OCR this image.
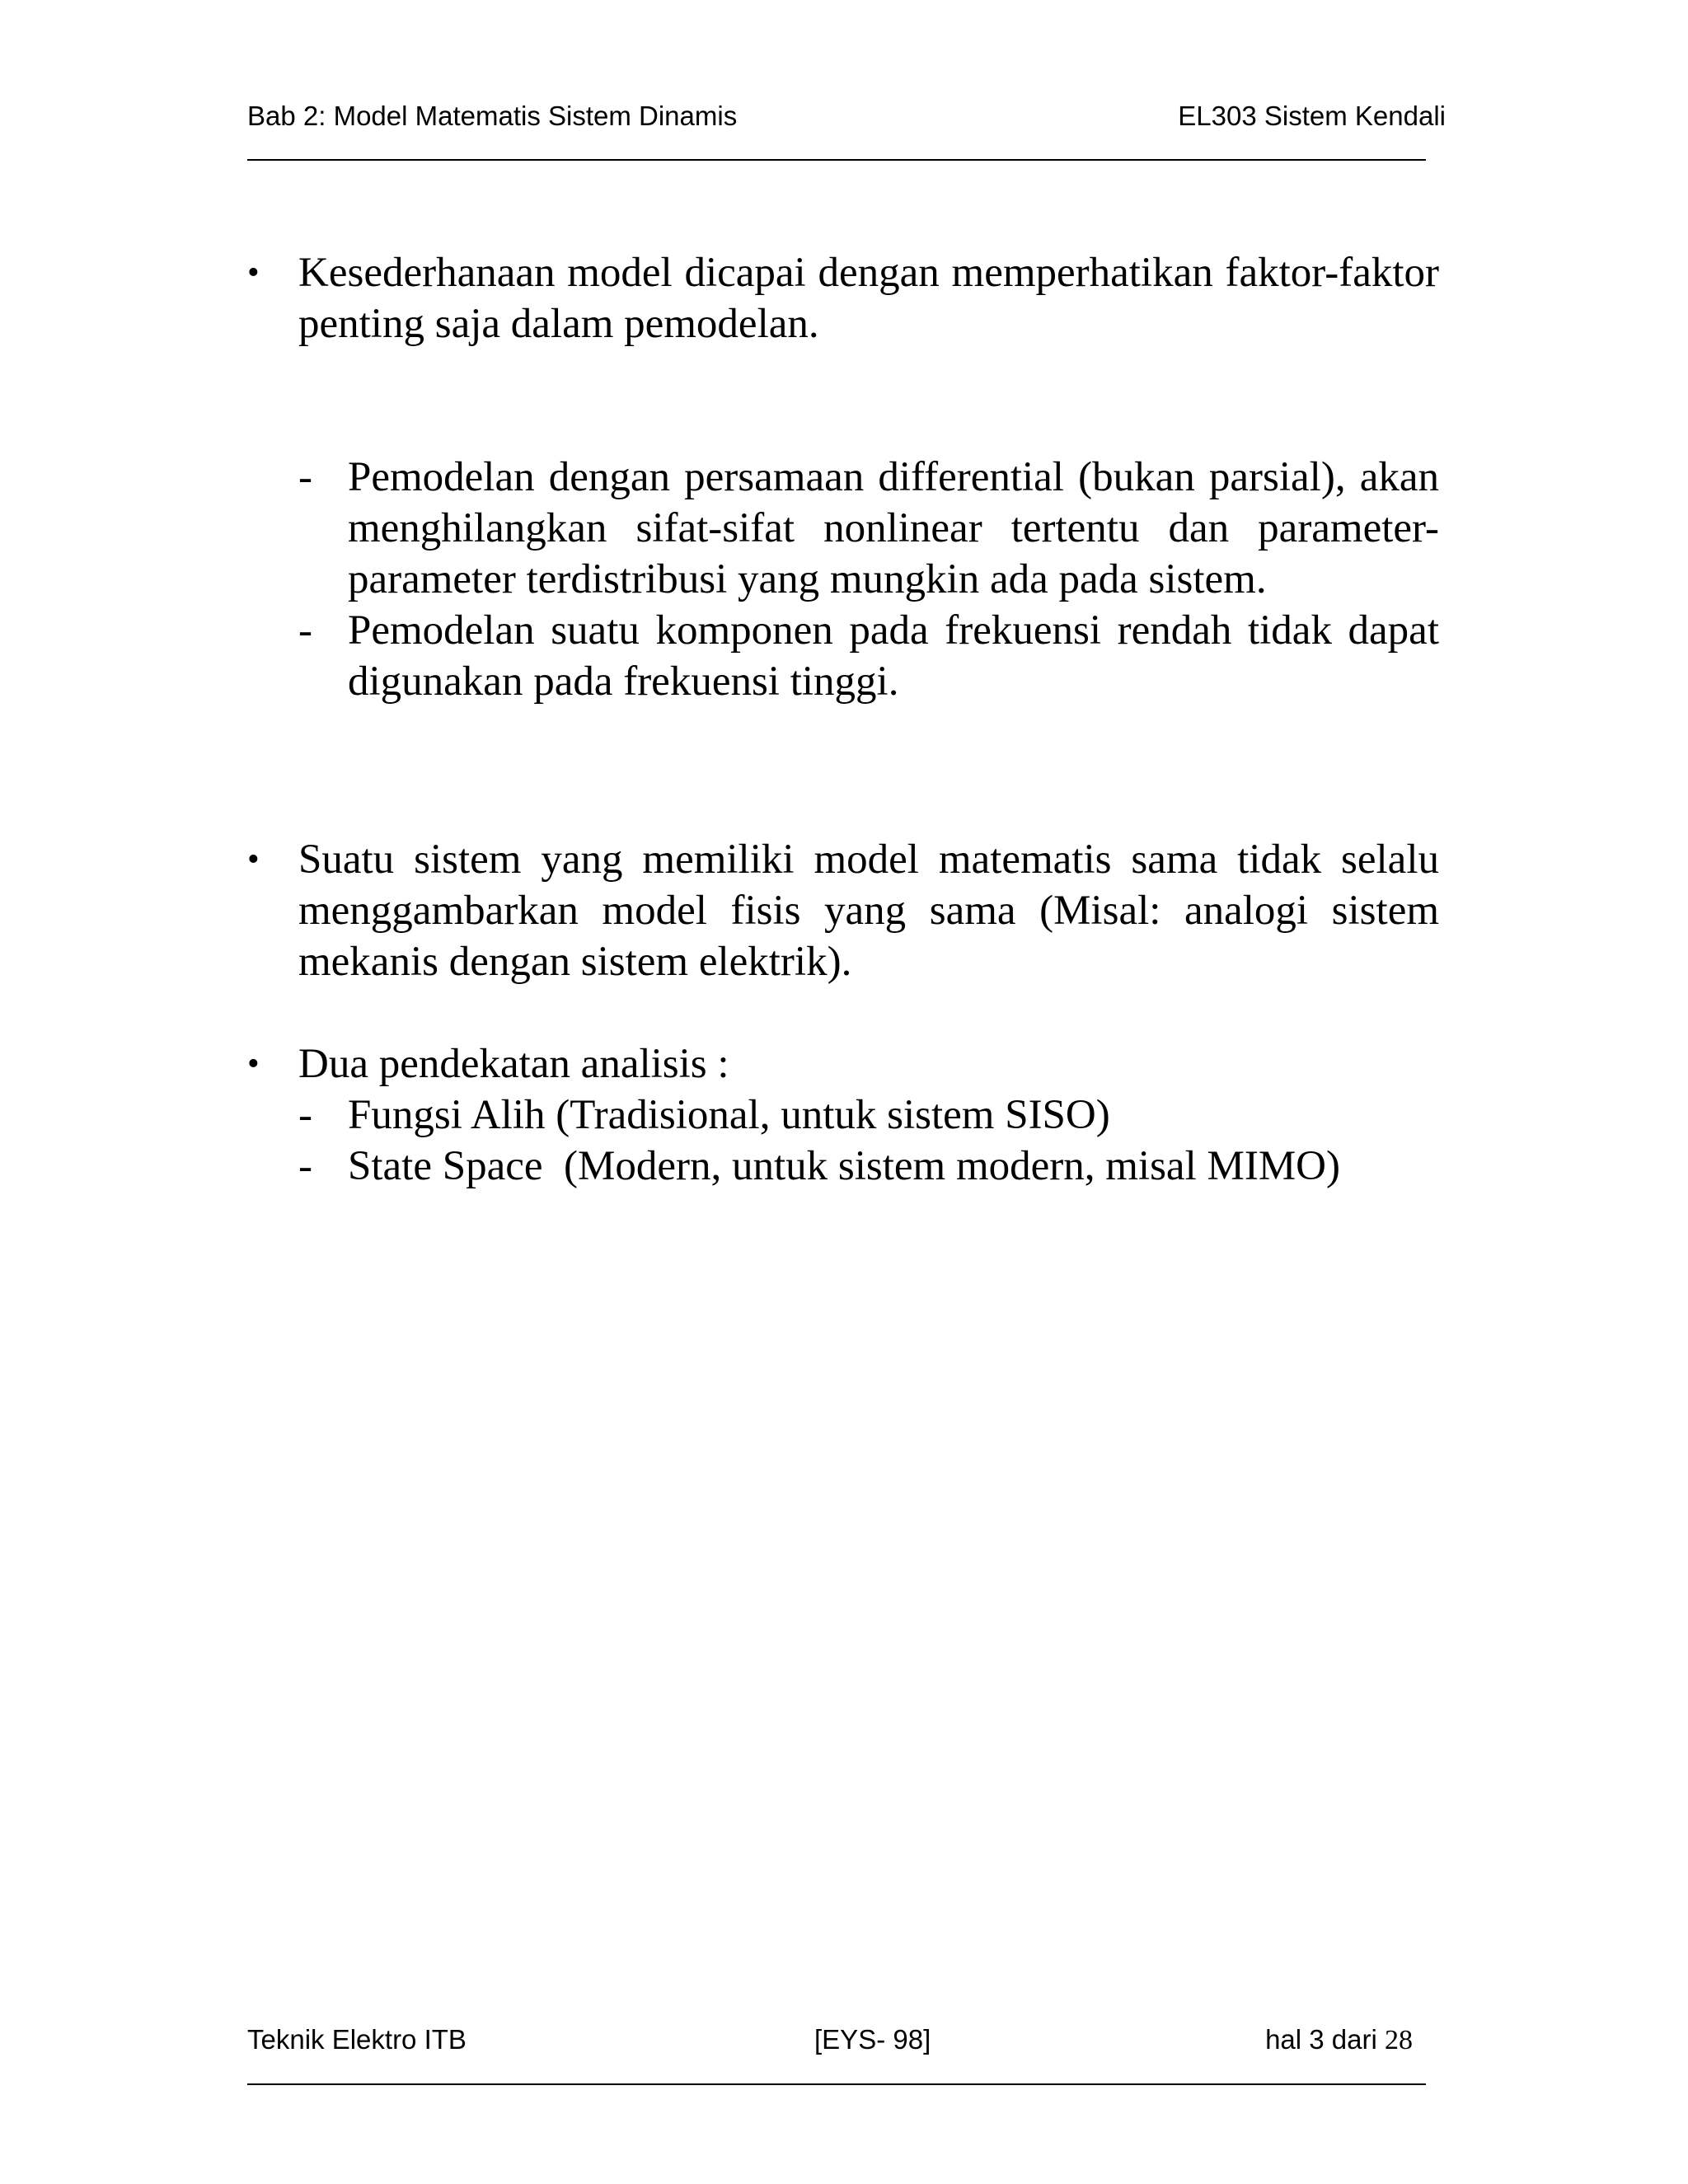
Bab 2: Model Matematis Sistem Dinamis	EL303 Sistem Kendali
• Kesederhanaan model dicapai dengan memperhatikan faktor-faktor penting saja dalam pemodelan.
- Pemodelan dengan persamaan differential (bukan parsial), akan menghilangkan sifat-sifat nonlinear tertentu dan parameter-parameter terdistribusi yang mungkin ada pada sistem.
- Pemodelan suatu komponen pada frekuensi rendah tidak dapat digunakan pada frekuensi tinggi.
• Suatu sistem yang memiliki model matematis sama tidak selalu menggambarkan model fisis yang sama (Misal: analogi sistem mekanis dengan sistem elektrik).
• Dua pendekatan analisis :
- Fungsi Alih (Tradisional, untuk sistem SISO)
- State Space  (Modern, untuk sistem modern, misal MIMO)
Teknik Elektro ITB	[EYS- 98]	hal 3 dari 28
